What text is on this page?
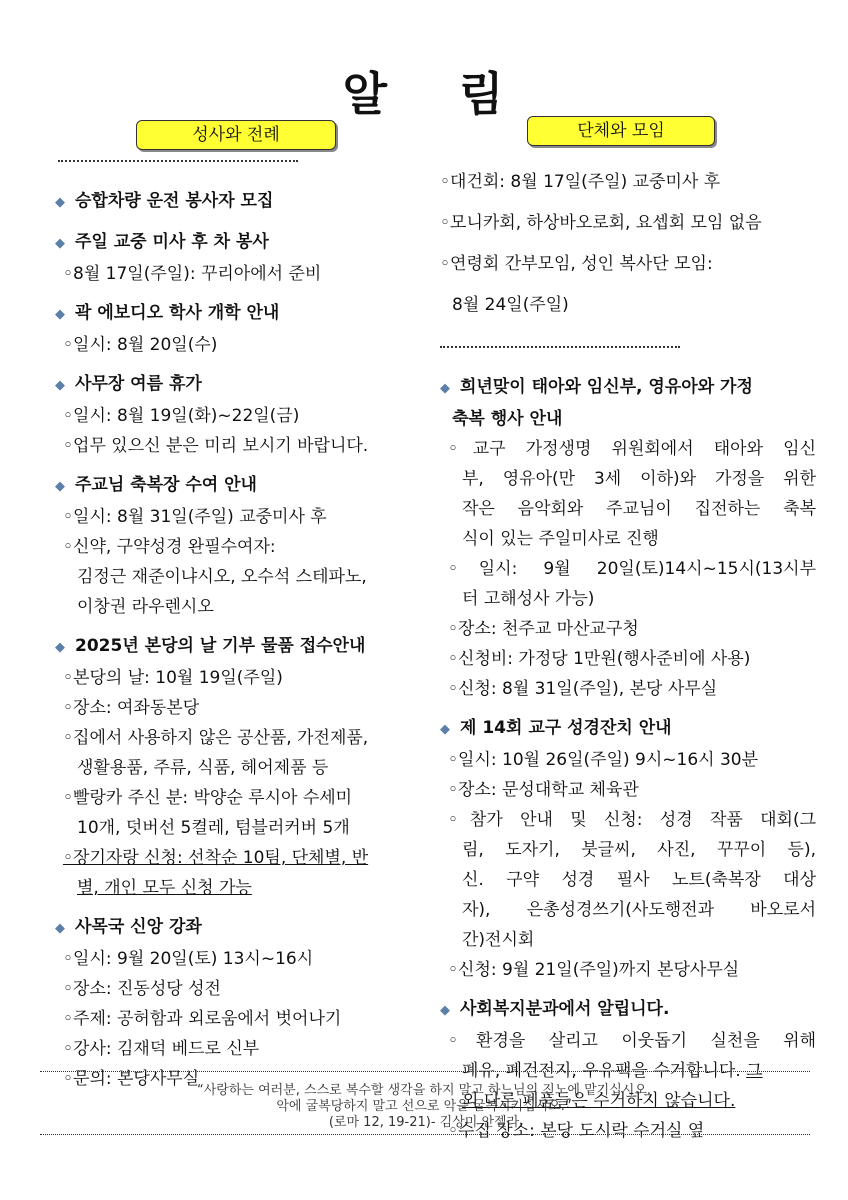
알 림
성사와 전례	단체와 모임

◆ 승합차량 운전 봉사자 모집

◆ 주일 교중 미사 후 차 봉사

◦8월 17일(주일): 꾸리아에서 준비

◆ 곽 에보디오 학사 개학 안내

◦일시: 8월 20일(수)

◆ 사무장 여름 휴가

◦일시: 8월 19일(화)~22일(금)

◦업무 있으신 분은 미리 보시기 바랍니다.

◆ 주교님 축복장 수여 안내

◦일시: 8월 31일(주일) 교중미사 후

◦신약, 구약성경 완필수여자:

김정근 재준이냐시오, 오수석 스테파노,

이창권 라우렌시오

◆ 2025년 본당의 날 기부 물품 접수안내

◦본당의 날: 10월 19일(주일)

◦장소: 여좌동본당

◦집에서 사용하지 않은 공산품, 가전제품,

생활용품, 주류, 식품, 헤어제품 등

◦빨랑카 주신 분: 박양순 루시아 수세미

10개, 덧버선 5켤레, 텀블러커버 5개

◦장기자랑 신청: 선착순 10팀, 단체별, 반

별, 개인 모두 신청 가능

◆ 사목국 신앙 강좌

◦일시: 9월 20일(토) 13시~16시

◦장소: 진동성당 성전

◦주제: 공허함과 외로움에서 벗어나기

◦강사: 김재덕 베드로 신부

◦문의: 본당사무실

◦대건회: 8월 17일(주일) 교중미사 후

◦모니카회, 하상바오로회, 요셉회 모임 없음

◦연령회 간부모임, 성인 복사단 모임:

8월 24일(주일)

◆ 희년맞이 태아와 임신부, 영유아와 가정

축복 행사 안내

◦교구 가정생명 위원회에서 태아와 임신

부, 영유아(만 3세 이하)와 가정을 위한

작은 음악회와 주교님이 집전하는 축복

식이 있는 주일미사로 진행

◦일시: 9월 20일(토)14시~15시(13시부

터 고해성사 가능)

◦장소: 천주교 마산교구청

◦신청비: 가정당 1만원(행사준비에 사용)

◦신청: 8월 31일(주일), 본당 사무실

◆ 제 14회 교구 성경잔치 안내

◦일시: 10월 26일(주일) 9시~16시 30분

◦장소: 문성대학교 체육관

◦참가 안내 및 신청: 성경 작품 대회(그

림, 도자기, 붓글씨, 사진, 꾸꾸이 등),

신. 구약 성경 필사 노트(축복장 대상

자), 은총성경쓰기(사도행전과 바오로서

간)전시회

◦신청: 9월 21일(주일)까지 본당사무실

◆ 사회복지분과에서 알립니다.

◦환경을 살리고 이웃돕기 실천을 위해

폐유, 폐건전지, 우유팩을 수거합니다. 그

외 다른 폐품들은 수거하지 않습니다.

◦수집 장소: 본당 도시락 수거실 옆

“사랑하는 여러분, 스스로 복수할 생각을 하지 말고 하느님의 진노에 맡기십시오.

악에 굴복당하지 말고 선으로 악을 굴복시키십시오.”

(로마 12, 19-21)- 김상미 안젤라
